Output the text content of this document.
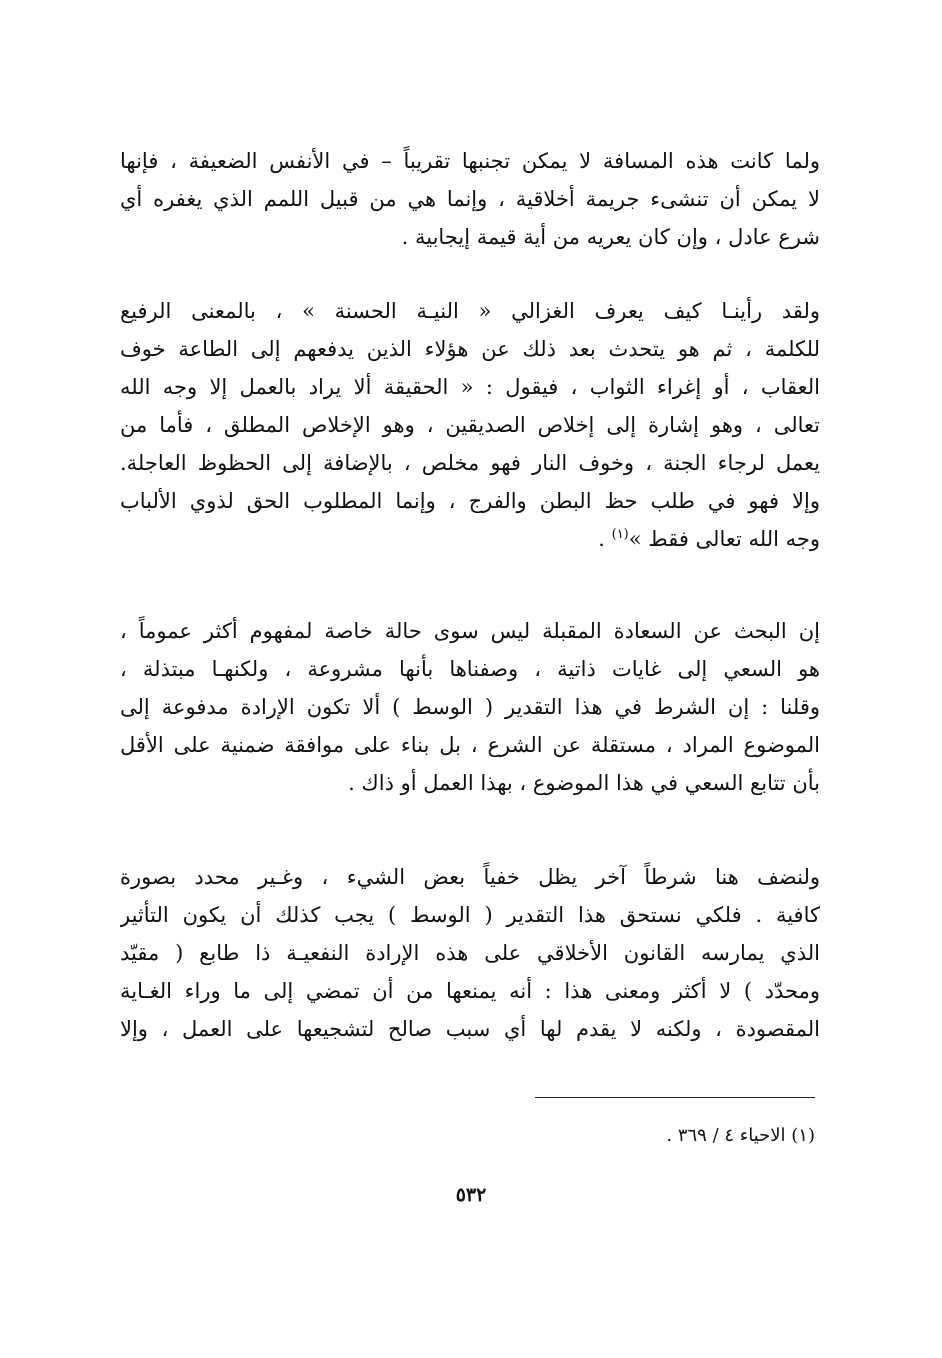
ولما كانت هذه المسافة لا يمكن تجنبها تقريباً – في الأنفس الضعيفة ، فإنها
لا يمكن أن تنشىء جريمة أخلاقية ، وإنما هي من قبيل اللمم الذي يغفره أي
شرع عادل ، وإن كان يعريه من أية قيمة إيجابية .
ولقد رأينـا كيف يعرف الغزالي « النيـة الحسنة » ، بالمعنى الرفيع
للكلمة ، ثم هو يتحدث بعد ذلك عن هؤلاء الذين يدفعهم إلى الطاعة خوف
العقاب ، أو إغراء الثواب ، فيقول : « الحقيقة ألا يراد بالعمل إلا وجه الله
تعالى ، وهو إشارة إلى إخلاص الصديقين ، وهو الإخلاص المطلق ، فأما من
يعمل لرجاء الجنة ، وخوف النار فهو مخلص ، بالإضافة إلى الحظوظ العاجلة.
وإلا فهو في طلب حظ البطن والفرج ، وإنما المطلوب الحق لذوي الألباب
وجه الله تعالى فقط »$^{(١)}$ .
إن البحث عن السعادة المقبلة ليس سوى حالة خاصة لمفهوم أكثر عموماً ،
هو السعي إلى غايات ذاتية ، وصفناها بأنها مشروعة ، ولكنهـا مبتذلة ،
وقلنا : إن الشرط في هذا التقدير ( الوسط ) ألا تكون الإرادة مدفوعة إلى
الموضوع المراد ، مستقلة عن الشرع ، بل بناء على موافقة ضمنية على الأقل
بأن تتابع السعي في هذا الموضوع ، بهذا العمل أو ذاك .
ولنضف هنا شرطاً آخر يظل خفياً بعض الشيء ، وغـير محدد بصورة
كافية . فلكي نستحق هذا التقدير ( الوسط ) يجب كذلك أن يكون التأثير
الذي يمارسه القانون الأخلاقي على هذه الإرادة النفعيـة ذا طابع ( مقيّد
ومحدّد ) لا أكثر ومعنى هذا : أنه يمنعها من أن تمضي إلى ما وراء الغـاية
المقصودة ، ولكنه لا يقدم لها أي سبب صالح لتشجيعها على العمل ، وإلا
(١) الاحياء ٤ / ٣٦٩ .
٥٣٢
